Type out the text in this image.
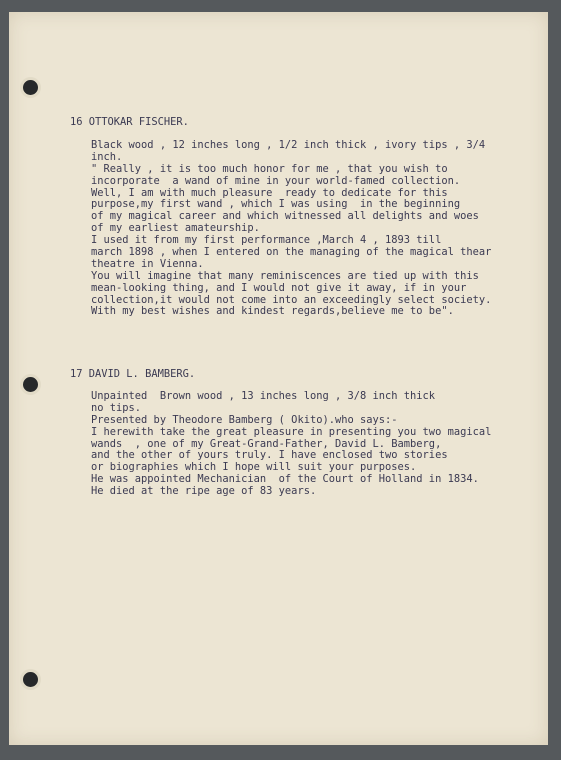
16 OTTOKAR FISCHER.
Black wood , 12 inches long , 1/2 inch thick , ivory tips , 3/4
inch.
" Really , it is too much honor for me , that you wish to
incorporate  a wand of mine in your world-famed collection.
Well, I am with much pleasure  ready to dedicate for this
purpose,my first wand , which I was using  in the beginning
of my magical career and which witnessed all delights and woes
of my earliest amateurship.
I used it from my first performance ,March 4 , 1893 till
march 1898 , when I entered on the managing of the magical thear
theatre in Vienna.
You will imagine that many reminiscences are tied up with this
mean-looking thing, and I would not give it away, if in your
collection,it would not come into an exceedingly select society.
With my best wishes and kindest regards,believe me to be".
17 DAVID L. BAMBERG.
Unpainted  Brown wood , 13 inches long , 3/8 inch thick
no tips.
Presented by Theodore Bamberg ( Okito).who says:-
I herewith take the great pleasure in presenting you two magical
wands  , one of my Great-Grand-Father, David L. Bamberg,
and the other of yours truly. I have enclosed two stories
or biographies which I hope will suit your purposes.
He was appointed Mechanician  of the Court of Holland in 1834.
He died at the ripe age of 83 years.
